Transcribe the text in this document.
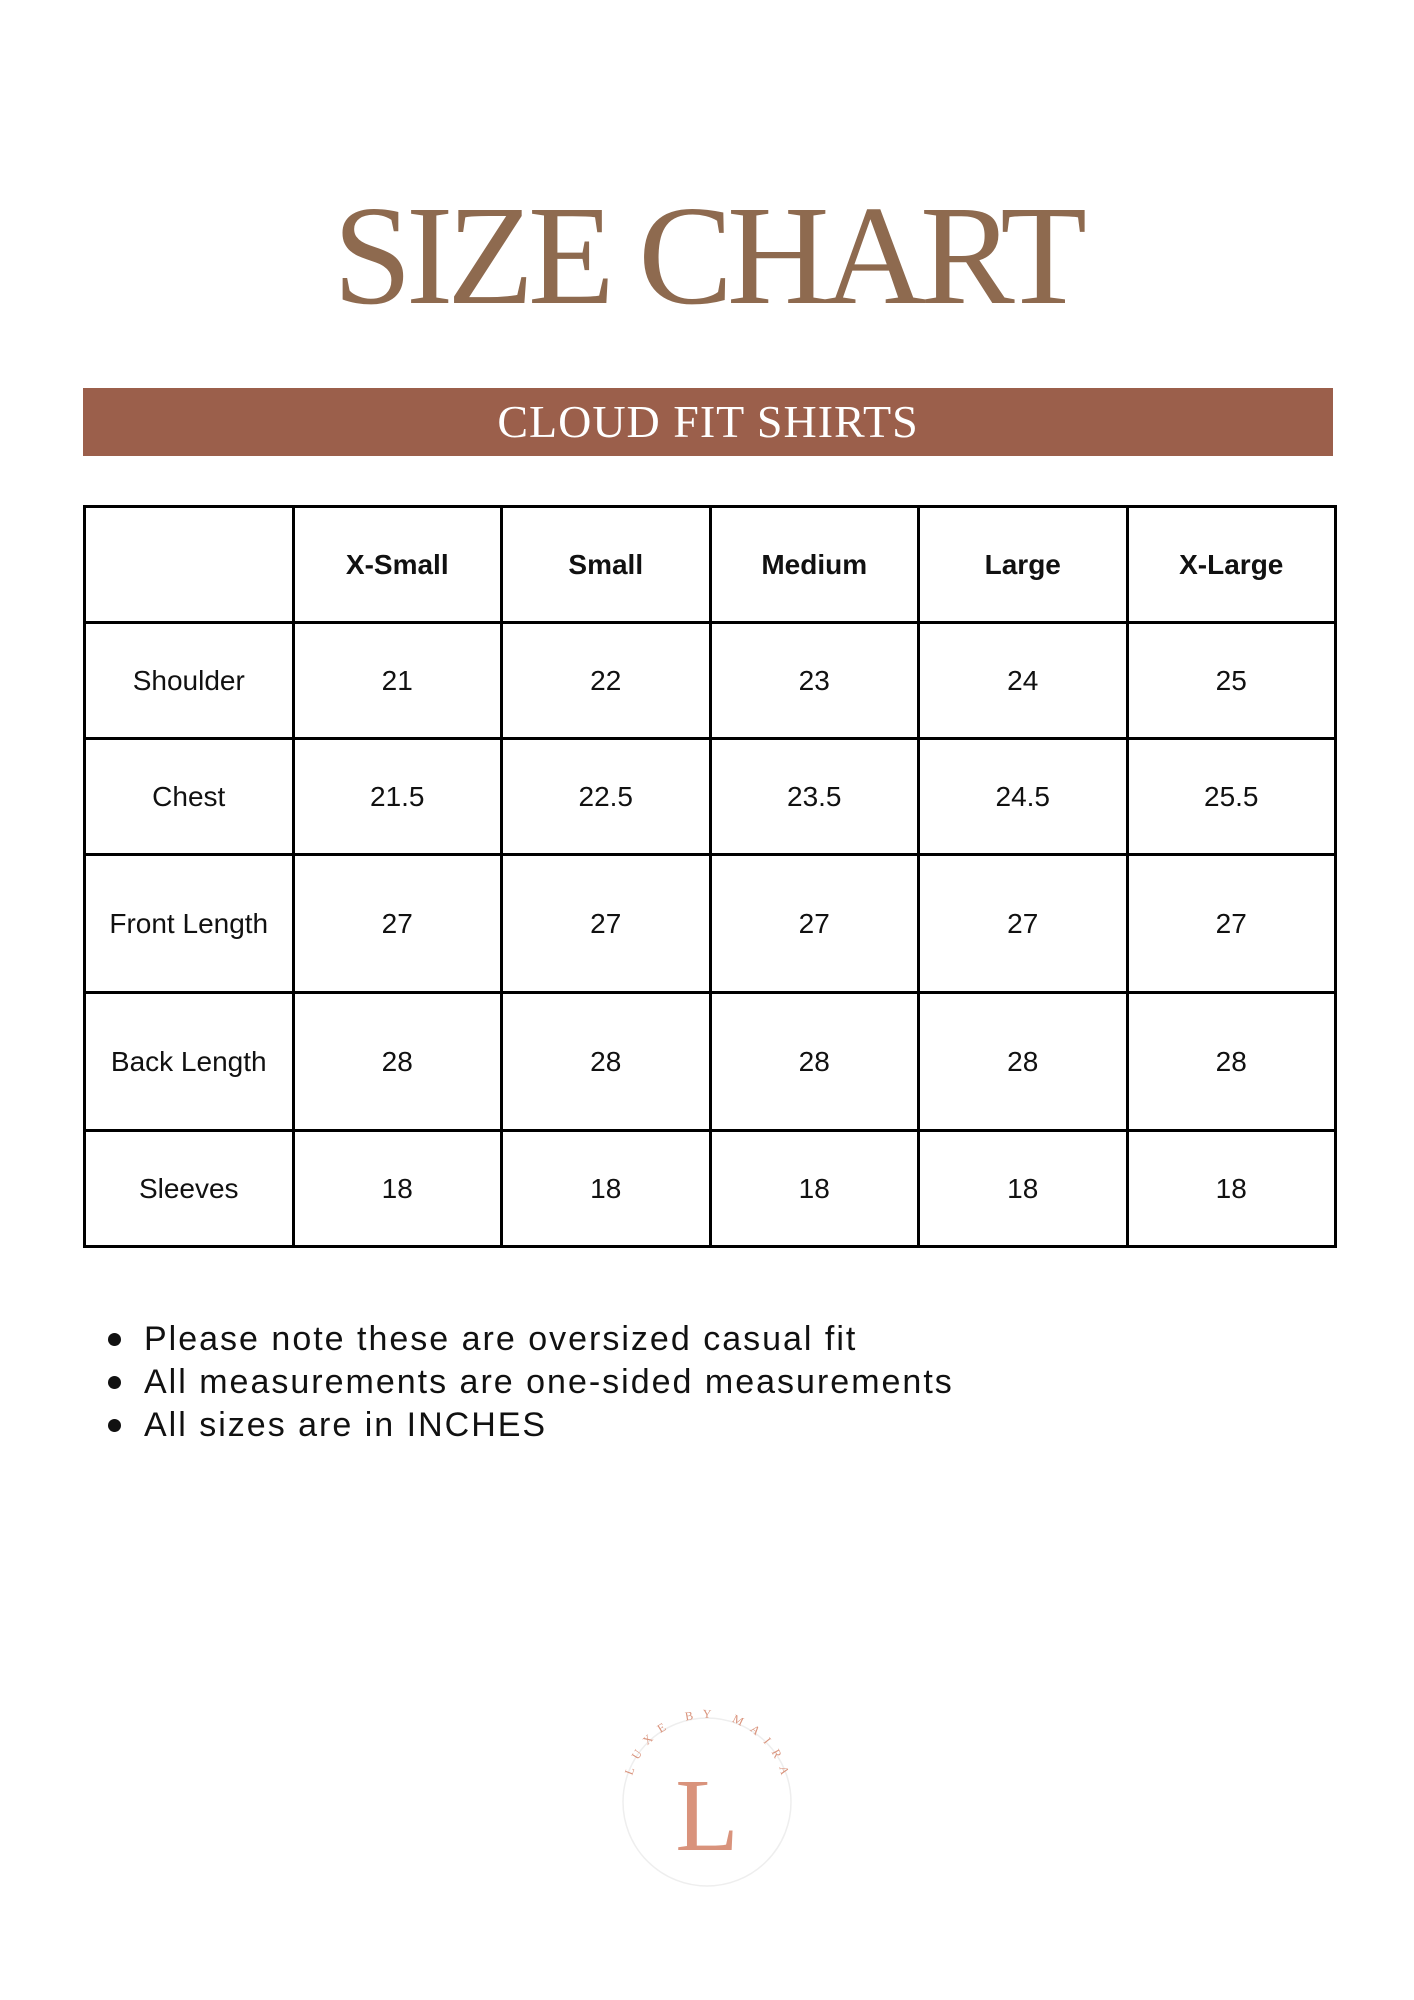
SIZE CHART
CLOUD FIT SHIRTS
	X-Small	Small	Medium	Large	X-Large
Shoulder	21	22	23	24	25
Chest	21.5	22.5	23.5	24.5	25.5
Front Length	27	27	27	27	27
Back Length	28	28	28	28	28
Sleeves	18	18	18	18	18
Please note these are oversized casual fit
All measurements are one-sided measurements
All sizes are in INCHES
LUXE BY MAIRA
L
